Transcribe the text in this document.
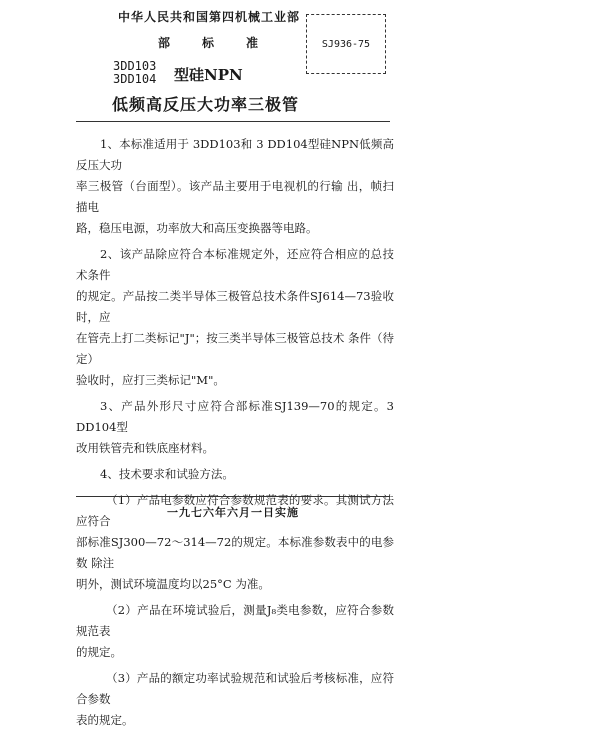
中华人民共和国第四机械工业部
部	标	准
3DD103
3DD104 型硅NPN
低频高反压大功率三极管
SJ936-75

1、本标准适用于 3DD103和 3 DD104型硅NPN低频高反压大功
率三极管（台面型）。该产品主要用于电视机的行输 出，帧扫描电
路，稳压电源，功率放大和高压变换器等电路。

2、该产品除应符合本标准规定外，还应符合相应的总技术条件
的规定。产品按二类半导体三极管总技术条件SJ614—73验收时，应
在管壳上打二类标记"J"；按三类半导体三极管总技术 条件（待定）
验收时，应打三类标记"M"。

3、产品外形尺寸应符合部标准SJ139—70的规定。3 DD104型
改用铁管壳和铁底座材料。

4、技术要求和试验方法。

（1）产品电参数应符合参数规范表的要求。其测试方法应符合
部标准SJ300—72～314—72的规定。本标准参数表中的电参 数 除注
明外，测试环境温度均以25°C 为准。

（2）产品在环境试验后，测量J₈类电参数，应符合参数规范表
的规定。

（3）产品的额定功率试验规范和试验后考核标准，应符合参数
表的规定。

一九七六年六月一日实施
